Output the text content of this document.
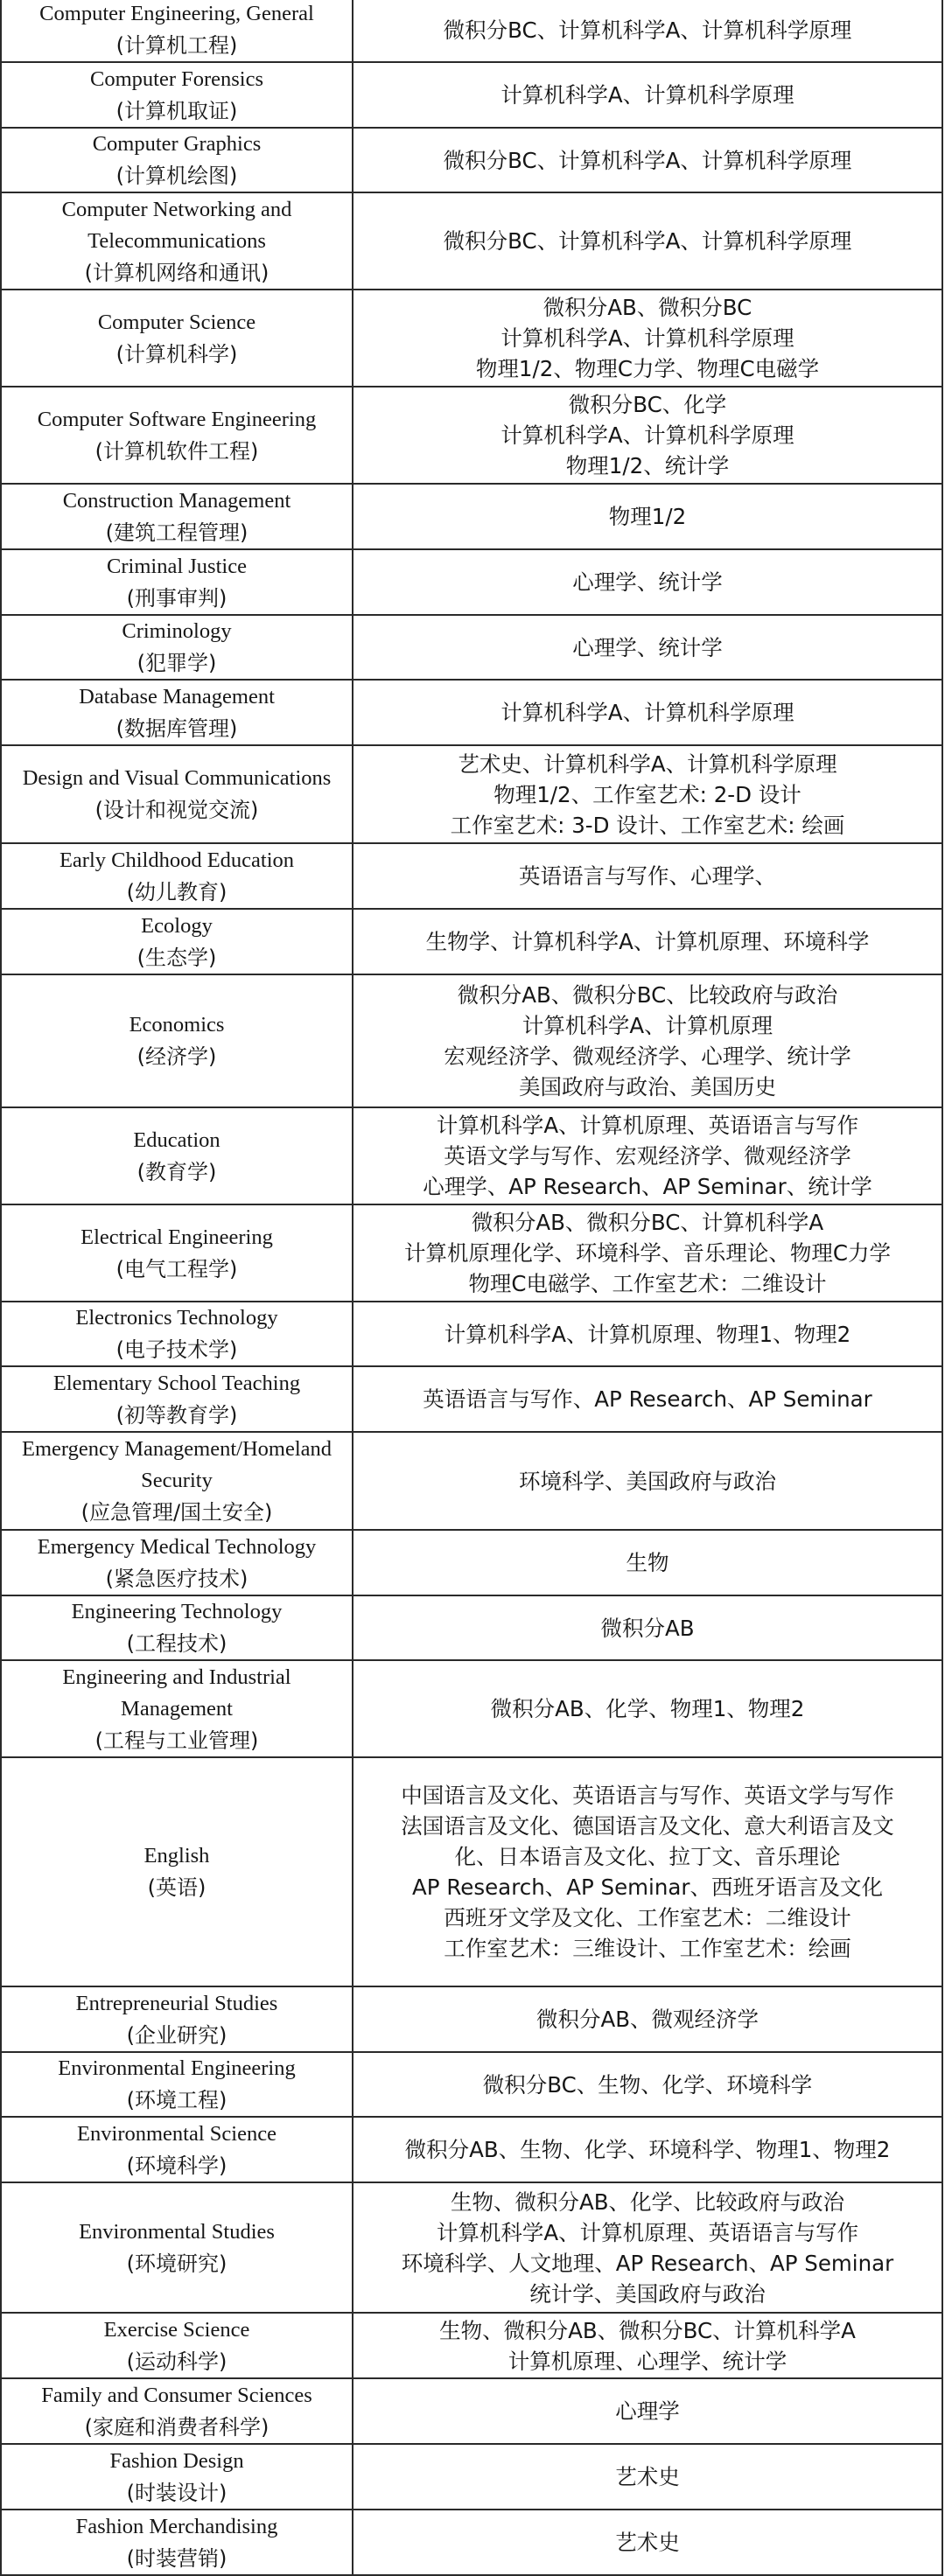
Computer Engineering, General
(计算机工程)
微积分BC、计算机科学A、计算机科学原理
Computer Forensics
(计算机取证)
计算机科学A、计算机科学原理
Computer Graphics
(计算机绘图)
微积分BC、计算机科学A、计算机科学原理
Computer Networking and Telecommunications
(计算机网络和通讯)
微积分BC、计算机科学A、计算机科学原理
Computer Science
(计算机科学)
微积分AB、微积分BC
计算机科学A、计算机科学原理
物理1/2、物理C力学、物理C电磁学
Computer Software Engineering
(计算机软件工程)
微积分BC、化学
计算机科学A、计算机科学原理
物理1/2、统计学
Construction Management
(建筑工程管理)
物理1/2
Criminal Justice
(刑事审判)
心理学、统计学
Criminology
(犯罪学)
心理学、统计学
Database Management
(数据库管理)
计算机科学A、计算机科学原理
Design and Visual Communications
(设计和视觉交流)
艺术史、计算机科学A、计算机科学原理
物理1/2、工作室艺术: 2-D 设计
工作室艺术: 3-D 设计、工作室艺术: 绘画
Early Childhood Education
(幼儿教育)
英语语言与写作、心理学、
Ecology
(生态学)
生物学、计算机科学A、计算机原理、环境科学
Economics
(经济学)
微积分AB、微积分BC、比较政府与政治
计算机科学A、计算机原理
宏观经济学、微观经济学、心理学、统计学
美国政府与政治、美国历史
Education
(教育学)
计算机科学A、计算机原理、英语语言与写作
英语文学与写作、宏观经济学、微观经济学
心理学、AP Research、AP Seminar、统计学
Electrical Engineering
(电气工程学)
微积分AB、微积分BC、计算机科学A
计算机原理化学、环境科学、音乐理论、物理C力学
物理C电磁学、工作室艺术：二维设计
Electronics Technology
(电子技术学)
计算机科学A、计算机原理、物理1、物理2
Elementary School Teaching
(初等教育学)
英语语言与写作、AP Research、AP Seminar
Emergency Management/Homeland Security
(应急管理/国土安全)
环境科学、美国政府与政治
Emergency Medical Technology
(紧急医疗技术)
生物
Engineering Technology
(工程技术)
微积分AB
Engineering and Industrial Management
(工程与工业管理)
微积分AB、化学、物理1、物理2
English
(英语)
中国语言及文化、英语语言与写作、英语文学与写作
法国语言及文化、德国语言及文化、意大利语言及文
化、日本语言及文化、拉丁文、音乐理论
AP Research、AP Seminar、西班牙语言及文化
西班牙文学及文化、工作室艺术：二维设计
工作室艺术：三维设计、工作室艺术：绘画
Entrepreneurial Studies
(企业研究)
微积分AB、微观经济学
Environmental Engineering
(环境工程)
微积分BC、生物、化学、环境科学
Environmental Science
(环境科学)
微积分AB、生物、化学、环境科学、物理1、物理2
Environmental Studies
(环境研究)
生物、微积分AB、化学、比较政府与政治
计算机科学A、计算机原理、英语语言与写作
环境科学、人文地理、AP Research、AP Seminar
统计学、美国政府与政治
Exercise Science
(运动科学)
生物、微积分AB、微积分BC、计算机科学A
计算机原理、心理学、统计学
Family and Consumer Sciences
(家庭和消费者科学)
心理学
Fashion Design
(时装设计)
艺术史
Fashion Merchandising
(时装营销)
艺术史
